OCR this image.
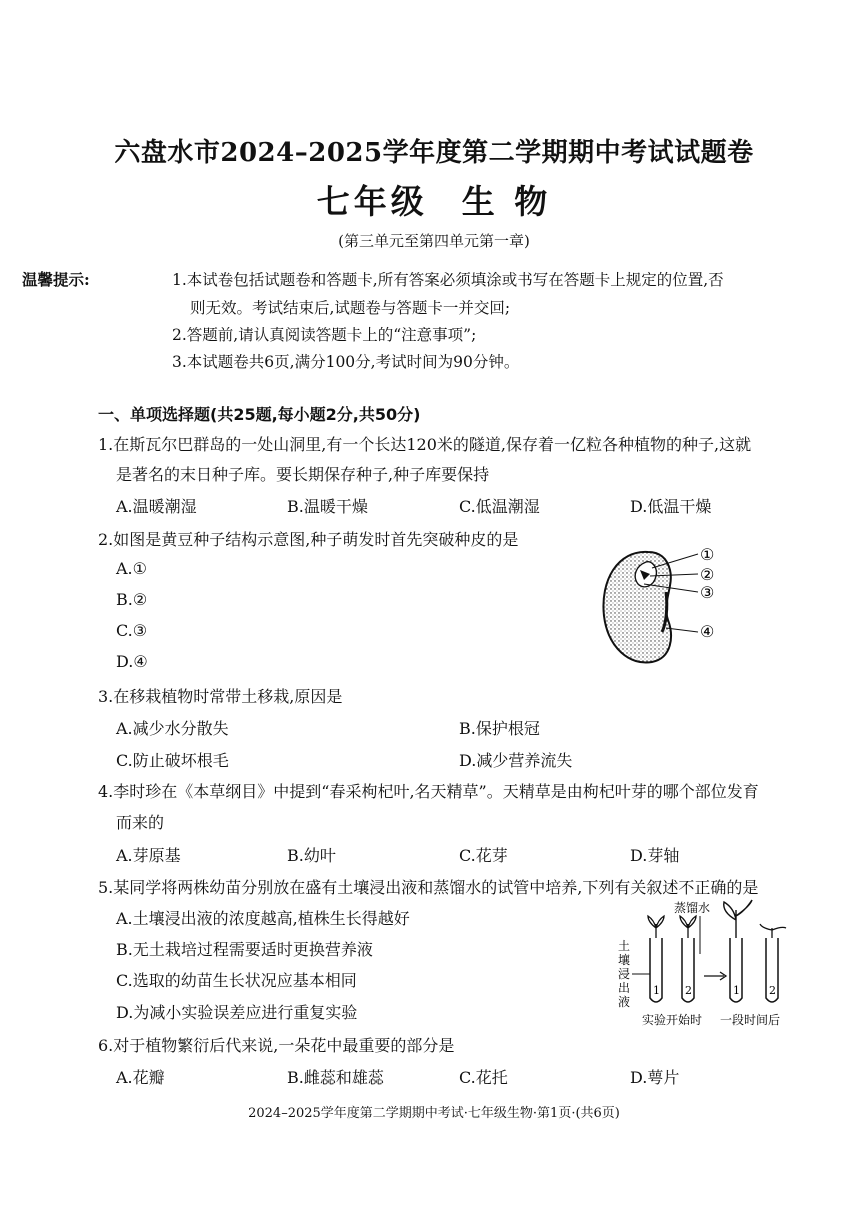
六盘水市2024–2025学年度第二学期期中考试试题卷
七年级 生 物
(第三单元至第四单元第一章)
温馨提示:	1.本试卷包括试题卷和答题卡,所有答案必须填涂或书写在答题卡上规定的位置,否
则无效。考试结束后,试题卷与答题卡一并交回;
2.答题前,请认真阅读答题卡上的“注意事项”;
3.本试题卷共6页,满分100分,考试时间为90分钟。
一、单项选择题(共25题,每小题2分,共50分)
1.在斯瓦尔巴群岛的一处山洞里,有一个长达120米的隧道,保存着一亿粒各种植物的种子,这就
是著名的末日种子库。要长期保存种子,种子库要保持
A.温暖潮湿	B.温暖干燥	C.低温潮湿	D.低温干燥
2.如图是黄豆种子结构示意图,种子萌发时首先突破种皮的是
A.①
B.②
C.③
D.④
①
②
③
④
3.在移栽植物时常带土移栽,原因是
A.减少水分散失	B.保护根冠
C.防止破坏根毛	D.减少营养流失
4.李时珍在《本草纲目》中提到“春采枸杞叶,名天精草”。天精草是由枸杞叶芽的哪个部位发育
而来的
A.芽原基	B.幼叶	C.花芽	D.芽轴
5.某同学将两株幼苗分别放在盛有土壤浸出液和蒸馏水的试管中培养,下列有关叙述不正确的是
A.土壤浸出液的浓度越高,植株生长得越好
B.无土栽培过程需要适时更换营养液
C.选取的幼苗生长状况应基本相同
D.为减小实验误差应进行重复实验
土
壤
浸
出
液
蒸馏水
1 2	1	2
实验开始时 一段时间后
6.对于植物繁衍后代来说,一朵花中最重要的部分是
A.花瓣	B.雌蕊和雄蕊	C.花托	D.萼片
2024–2025学年度第二学期期中考试·七年级生物·第1页·(共6页)
